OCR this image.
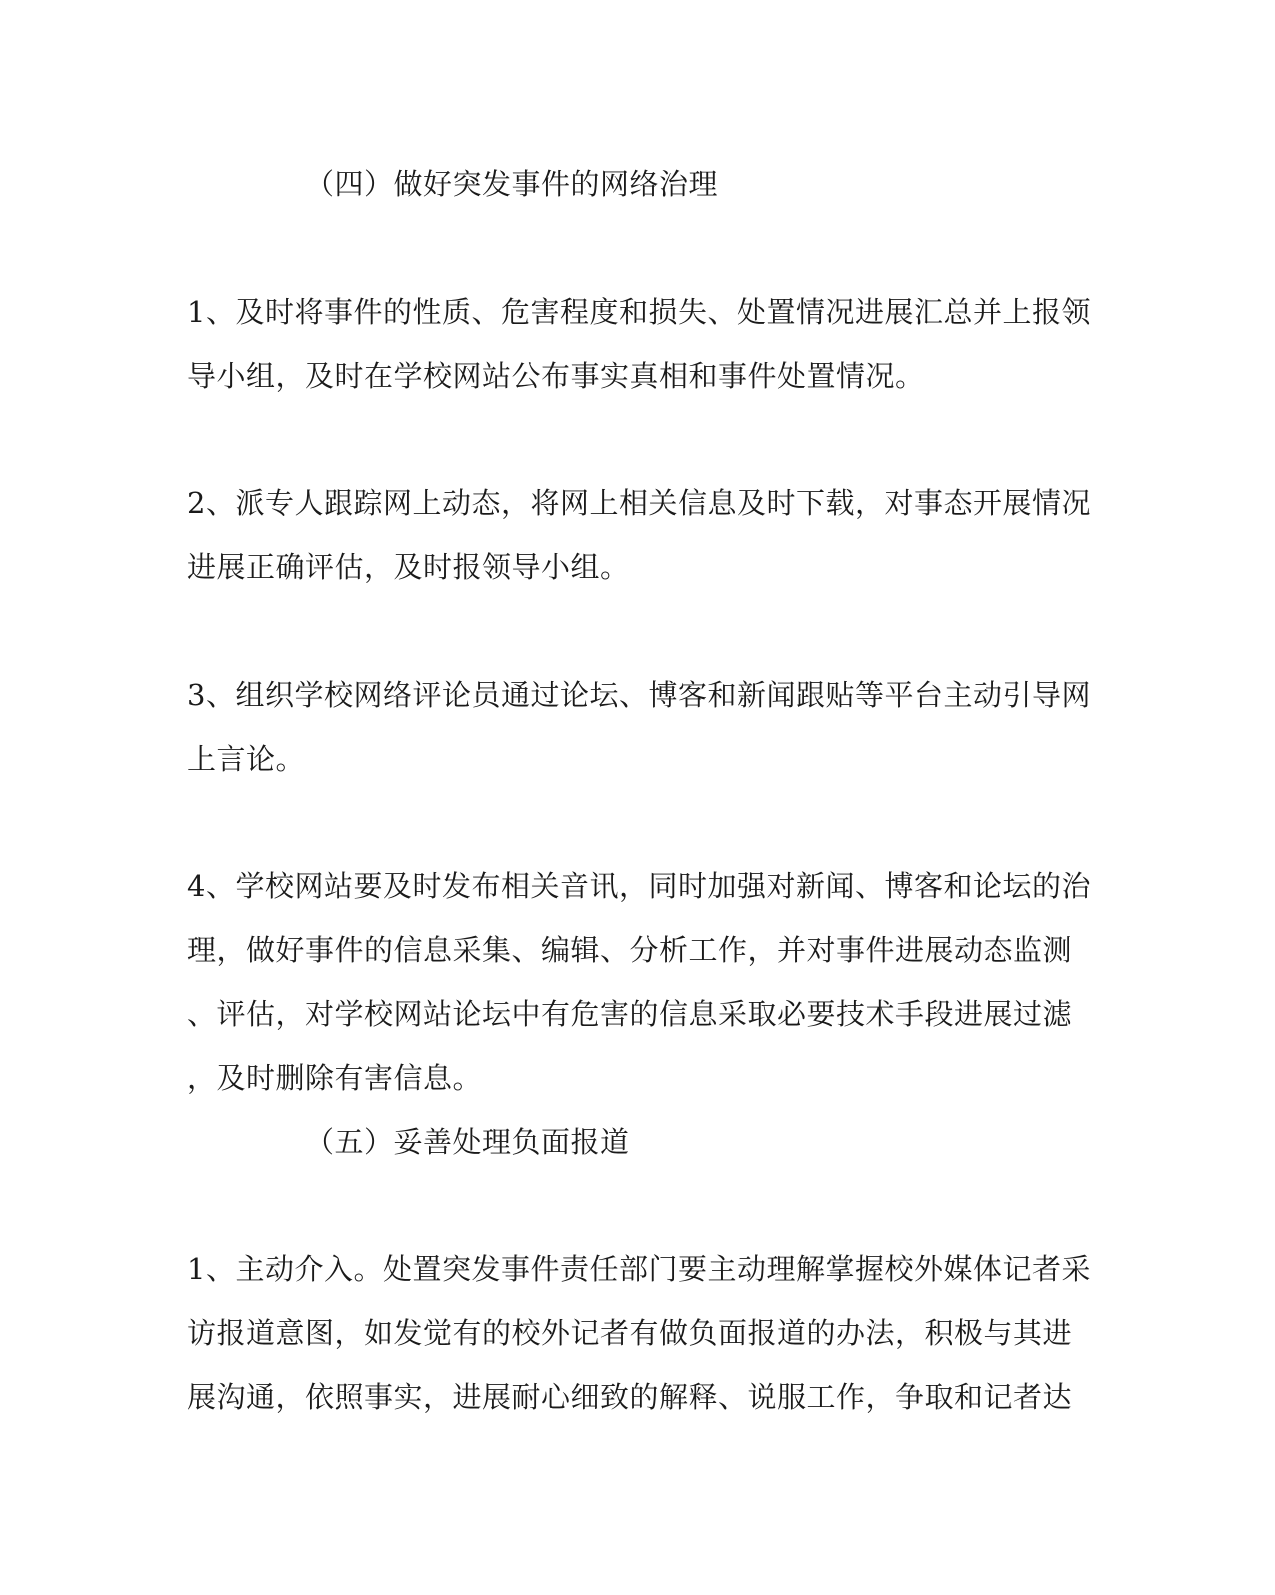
（四）做好突发事件的网络治理
1、及时将事件的性质、危害程度和损失、处置情况进展汇总并上报领
导小组，及时在学校网站公布事实真相和事件处置情况。
2、派专人跟踪网上动态，将网上相关信息及时下载，对事态开展情况
进展正确评估，及时报领导小组。
3、组织学校网络评论员通过论坛、博客和新闻跟贴等平台主动引导网
上言论。
4、学校网站要及时发布相关音讯，同时加强对新闻、博客和论坛的治
理，做好事件的信息采集、编辑、分析工作，并对事件进展动态监测
、评估，对学校网站论坛中有危害的信息采取必要技术手段进展过滤
，及时删除有害信息。
（五）妥善处理负面报道
1、主动介入。处置突发事件责任部门要主动理解掌握校外媒体记者采
访报道意图，如发觉有的校外记者有做负面报道的办法，积极与其进
展沟通，依照事实，进展耐心细致的解释、说服工作，争取和记者达
